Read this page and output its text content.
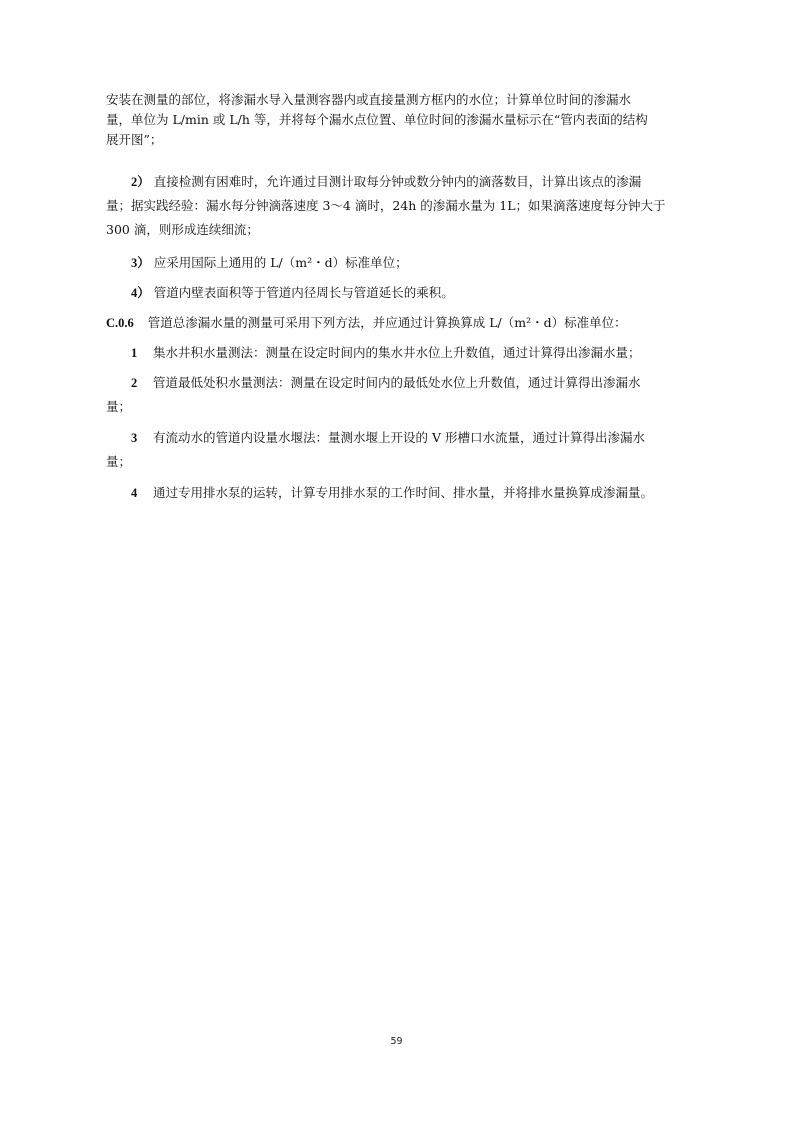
安装在测量的部位，将渗漏水导入量测容器内或直接量测方框内的水位；计算单位时间的渗漏水

量，单位为 L/min 或 L/h 等，并将每个漏水点位置、单位时间的渗漏水量标示在“管内表面的结构

展开图”；

2） 直接检测有困难时，允许通过目测计取每分钟或数分钟内的滴落数目，计算出该点的渗漏

量；据实践经验：漏水每分钟滴落速度 3～4 滴时，24h 的渗漏水量为 1L；如果滴落速度每分钟大于

300 滴，则形成连续细流；

3） 应采用国际上通用的 L/（m²・d）标准单位；

4） 管道内壁表面积等于管道内径周长与管道延长的乘积。

C.0.6 管道总渗漏水量的测量可采用下列方法，并应通过计算换算成 L/（m²・d）标准单位：

1 集水井积水量测法：测量在设定时间内的集水井水位上升数值，通过计算得出渗漏水量；

2 管道最低处积水量测法：测量在设定时间内的最低处水位上升数值，通过计算得出渗漏水

量；

3 有流动水的管道内设量水堰法：量测水堰上开设的 V 形槽口水流量，通过计算得出渗漏水

量；

4 通过专用排水泵的运转，计算专用排水泵的工作时间、排水量，并将排水量换算成渗漏量。

59
